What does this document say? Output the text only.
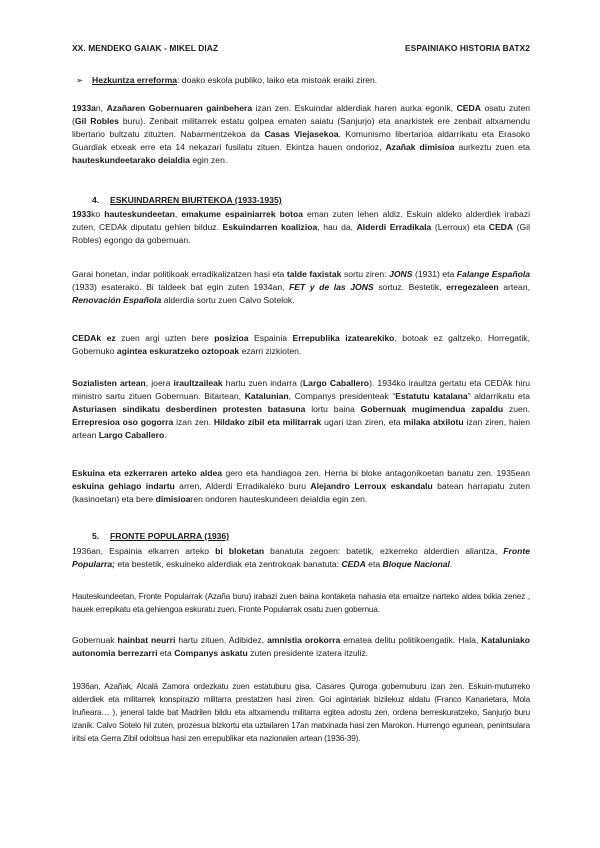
XX. MENDEKO GAIAK - MIKEL DIAZ	ESPAINIAKO HISTORIA BATX2

➢ Hezkuntza erreforma: doako eskola publiko, laiko eta mistoak eraiki ziren.

1933an, Azañaren Gobernuaren gainbehera izan zen. Eskuindar alderdiak haren aurka egonik, CEDA osatu zuten (Gil Robles buru). Zenbait militarrek estatu golpea ematen saiatu (Sanjurjo) eta anarkistek ere zenbait altxamendu libertario bultzatu zituzten. Nabarmentzekoa da Casas Viejasekoa. Komunismo libertarioa aldarrikatu eta Erasoko Guardiak etxeak erre eta 14 nekazari fusilatu zituen. Ekintza hauen ondorioz, Azañak dimisioa aurkeztu zuen eta hauteskundeetarako deialdia egin zen.

4. ESKUINDARREN BIURTEKOA (1933-1935)

1933ko hauteskundeetan, emakume espainiarrek botoa eman zuten lehen aldiz. Eskuin aldeko alderdiek irabazi zuten, CEDAk diputatu gehien bilduz. Eskuindarren koalizioa, hau da, Alderdi Erradikala (Lerroux) eta CEDA (Gil Robles) egongo da gobernuan.

Garai honetan, indar politikoak erradikalizatzen hasi eta talde faxistak sortu ziren: JONS (1931) eta Falange Española (1933) esaterako. Bi taldeek bat egin zuten 1934an, FET y de las JONS sortuz. Bestetik, erregezaleen artean, Renovación Española alderdia sortu zuen Calvo Sotelok.

CEDAk ez zuen argi uzten bere posizioa Espainia Errepublika izatearekiko, botoak ez galtzeko. Horregatik, Gobernuko agintea eskuratzeko oztopoak ezarri zizkioten.

Sozialisten artean, joera iraultzaileak hartu zuen indarra (Largo Caballero). 1934ko iraultza gertatu eta CEDAk hiru ministro sartu zituen Gobernuan. Bitartean, Katalunian, Companys presidenteak “Estatutu katalana” aldarrikatu eta Asturiasen sindikatu desberdinen protesten batasuna lortu baina Gobernuak mugimendua zapaldu zuen. Errepresioa oso gogorra izan zen. Hildako zibil eta militarrak ugari izan ziren, eta milaka atxilotu izan ziren, haien artean Largo Caballero.

Eskuina eta ezkerraren arteko aldea gero eta handiagoa zen. Herria bi bloke antagonikoetan banatu zen. 1935ean eskuina gehiago indartu arren, Alderdi Erradikaleko buru Alejandro Lerroux eskandalu batean harrapatu zuten (kasinoetan) eta bere dimisioaren ondoren hauteskundeen deialdia egin zen.

5. FRONTE POPULARRA (1936)

1936an, Espainia elkarren arteko bi bloketan banatuta zegoen: batetik, ezkerreko alderdien aliantza, Fronte Popularra; eta bestetik, eskuineko alderdiak eta zentrokoak banatuta: CEDA eta Bloque Nacional.

Hauteskundeetan, Fronte Popularrak (Azaña buru) irabazi zuen baina kontaketa nahasia eta emaitze narteko aldea txikia zenez , hauek errepikatu eta gehiengoa eskuratu zuen. Fronte Popularrak osatu zuen gobernua.

Gobernuak hainbat neurri hartu zituen. Adibidez, amnistia orokorra ematea delitu politikoengatik. Hala, Kataluniako autonomia berrezarri eta Companys askatu zuten presidente izatera itzuliz.

1936an, Azañak, Alcalá Zamora ordezkatu zuen estatuburu gisa. Casares Quiroga gobernuburu izan zen. Eskuin-muturreko alderdiek eta militarrek konspirazio militarra prestatzen hasi ziren. Goi agintariak bizilekuz aldatu (Franco Kanarietara, Mola Iruñeara… ), jeneral talde bat Madrilen bildu eta altxamendu militarra egitea adostu zen, ordena berreskuratzeko, Sanjurjo buru izanik. Calvo Sotelo hil zuten, prozesua bizkortu eta uztailaren 17an matxinada hasi zen Marokon. Hurrengo egunean, penintsulara iritsi eta Gerra Zibil odoltsua hasi zen errepublikar eta nazionalen artean (1936-39).
